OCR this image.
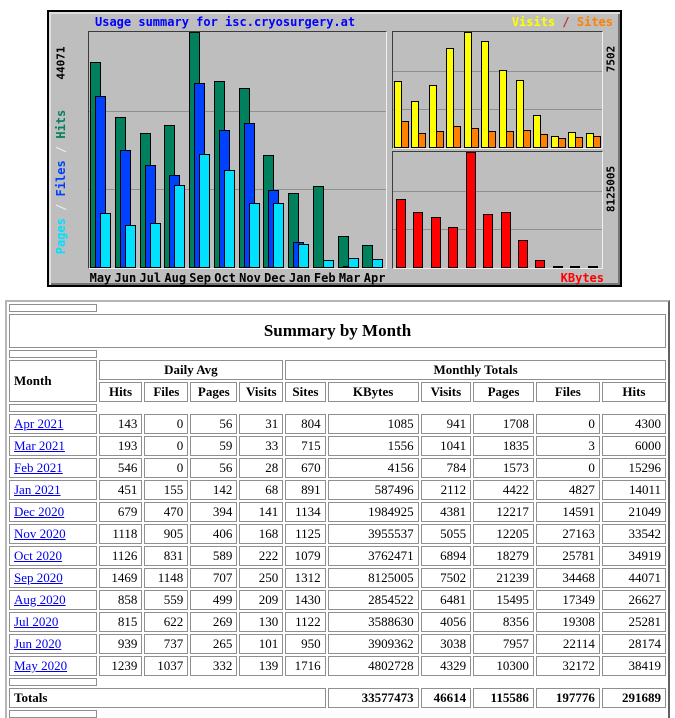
Usage summary for isc.cryosurgery.at	Visits / Sites
44071
Pages / Files / Hits
7502
8125005
May Jun Jul Aug Sep Oct Nov Dec Jan Feb Mar Apr	KBytes

Summary by Month										

Month	Daily Avg				Monthly Totals					
	Hits	Files	Pages	Visits	Sites	KBytes	Visits	Pages	Files	Hits

Apr 2021	143	0	56	31	804	1085	941	1708	0	4300
Mar 2021	193	0	59	33	715	1556	1041	1835	3	6000
Feb 2021	546	0	56	28	670	4156	784	1573	0	15296
Jan 2021	451	155	142	68	891	587496	2112	4422	4827	14011
Dec 2020	679	470	394	141	1134	1984925	4381	12217	14591	21049
Nov 2020	1118	905	406	168	1125	3955537	5055	12205	27163	33542
Oct 2020	1126	831	589	222	1079	3762471	6894	18279	25781	34919
Sep 2020	1469	1148	707	250	1312	8125005	7502	21239	34468	44071
Aug 2020	858	559	499	209	1430	2854522	6481	15495	17349	26627
Jul 2020	815	622	269	130	1122	3588630	4056	8356	19308	25281
Jun 2020	939	737	265	101	950	3909362	3038	7957	22114	28174
May 2020	1239	1037	332	139	1716	4802728	4329	10300	32172	38419

Totals						33577473	46614	115586	197776	291689
